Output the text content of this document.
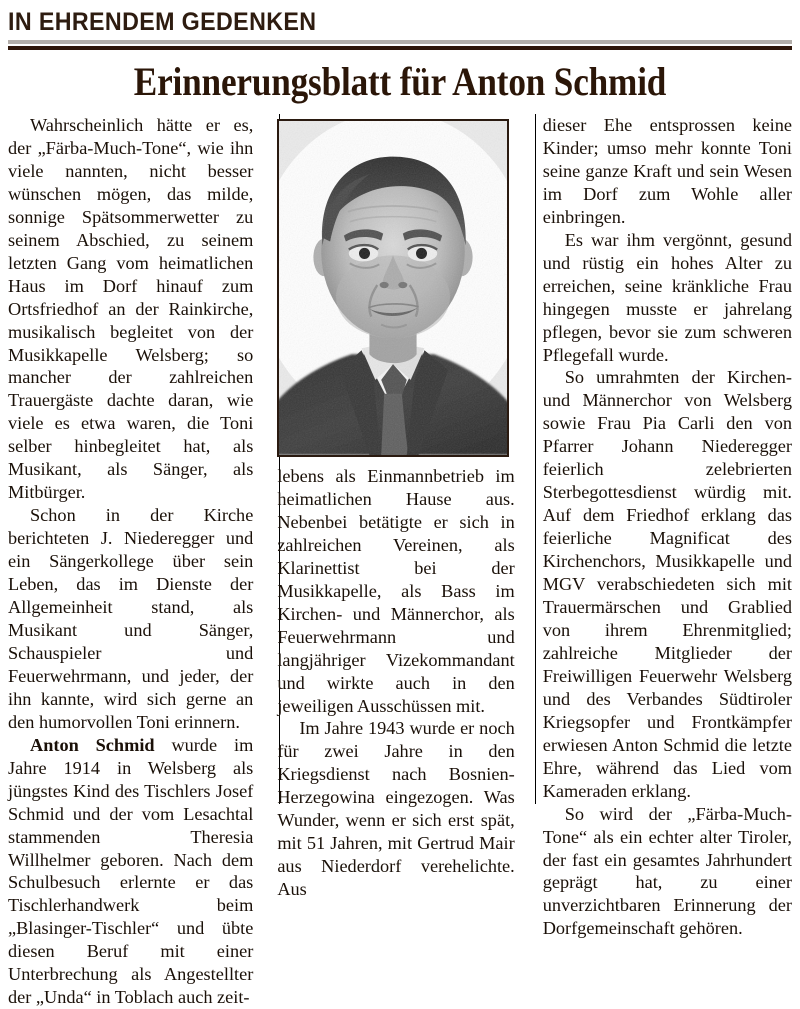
IN EHRENDEM GEDENKEN
Erinnerungsblatt für Anton Schmid

Wahrscheinlich hätte er es, der „Färba-Much-Tone“, wie ihn viele nannten, nicht besser wünschen mögen, das milde, sonnige Spätsommerwetter zu seinem Abschied, zu seinem letzten Gang vom heimatlichen Haus im Dorf hinauf zum Ortsfriedhof an der Rainkirche, musikalisch begleitet von der Musikkapelle Welsberg; so mancher der zahlreichen Trauergäste dachte daran, wie viele es etwa waren, die Toni selber hinbegleitet hat, als Musikant, als Sänger, als Mitbürger.

Schon in der Kirche berichteten J. Niederegger und ein Sängerkollege über sein Leben, das im Dienste der Allgemeinheit stand, als Musikant und Sänger, Schauspieler und Feuerwehrmann, und jeder, der ihn kannte, wird sich gerne an den humorvollen Toni erinnern.

Anton Schmid wurde im Jahre 1914 in Welsberg als jüngstes Kind des Tischlers Josef Schmid und der vom Lesachtal stammenden Theresia Willhelmer geboren. Nach dem Schulbesuch erlernte er das Tischlerhandwerk beim „Blasinger-Tischler“ und übte diesen Beruf mit einer Unterbrechung als Angestellter der „Unda“ in Toblach auch zeit-

lebens als Einmannbetrieb im heimatlichen Hause aus. Nebenbei betätigte er sich in zahlreichen Vereinen, als Klarinettist bei der Musikkapelle, als Bass im Kirchen- und Männerchor, als Feuerwehrmann und langjähriger Vizekommandant und wirkte auch in den jeweiligen Ausschüssen mit.

Im Jahre 1943 wurde er noch für zwei Jahre in den Kriegsdienst nach Bosnien-Herzegowina eingezogen. Was Wunder, wenn er sich erst spät, mit 51 Jahren, mit Gertrud Mair aus Niederdorf verehelichte. Aus

dieser Ehe entsprossen keine Kinder; umso mehr konnte Toni seine ganze Kraft und sein Wesen im Dorf zum Wohle aller einbringen.

Es war ihm vergönnt, gesund und rüstig ein hohes Alter zu erreichen, seine kränkliche Frau hingegen musste er jahrelang pflegen, bevor sie zum schweren Pflegefall wurde.

So umrahmten der Kirchen- und Männerchor von Welsberg sowie Frau Pia Carli den von Pfarrer Johann Niederegger feierlich zelebrierten Sterbegottesdienst würdig mit. Auf dem Friedhof erklang das feierliche Magnificat des Kirchenchors, Musikkapelle und MGV verabschiedeten sich mit Trauermärschen und Grablied von ihrem Ehrenmitglied; zahlreiche Mitglieder der Freiwilligen Feuerwehr Welsberg und des Verbandes Südtiroler Kriegsopfer und Frontkämpfer erwiesen Anton Schmid die letzte Ehre, während das Lied vom Kameraden erklang.

So wird der „Färba-Much-Tone“ als ein echter alter Tiroler, der fast ein gesamtes Jahrhundert geprägt hat, zu einer unverzichtbaren Erinnerung der Dorfgemeinschaft gehören.
